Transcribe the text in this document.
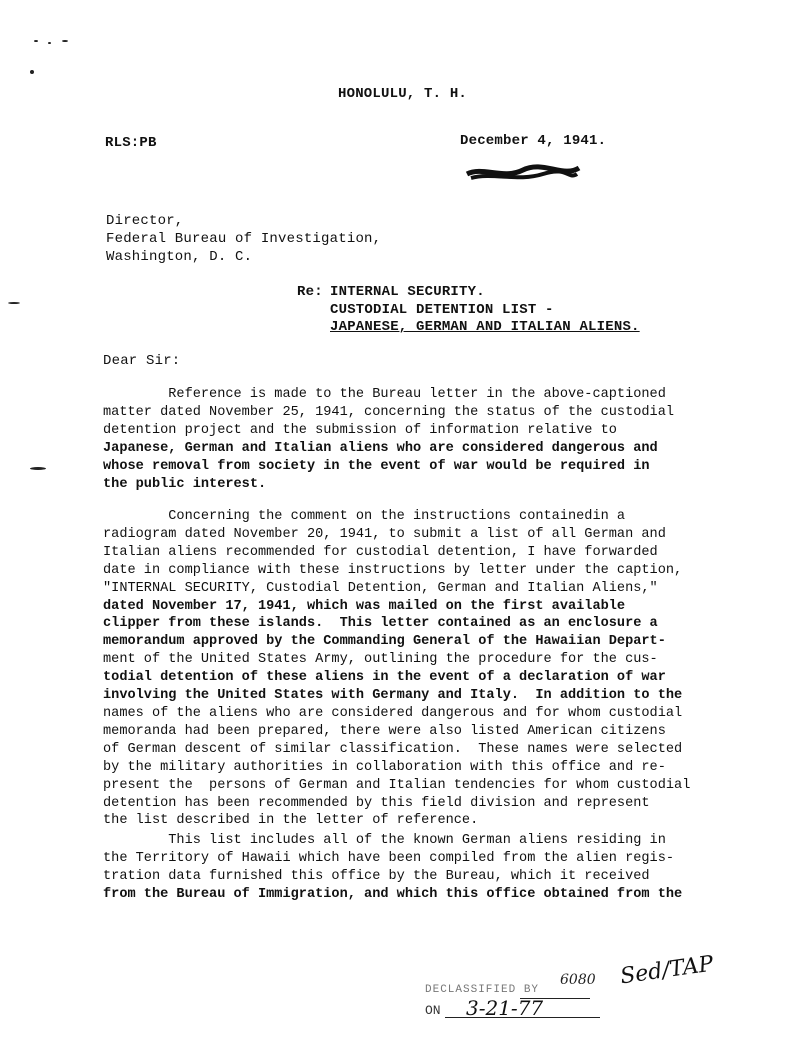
HONOLULU, T. H.
RLS:PB	December 4, 1941.
Director,
Federal Bureau of Investigation,
Washington, D. C.
Re: INTERNAL SECURITY.
CUSTODIAL DETENTION LIST -
JAPANESE, GERMAN AND ITALIAN ALIENS.
Dear Sir:
Reference is made to the Bureau letter in the above-captioned
matter dated November 25, 1941, concerning the status of the custodial
detention project and the submission of information relative to
Japanese, German and Italian aliens who are considered dangerous and
whose removal from society in the event of war would be required in
the public interest.
Concerning the comment on the instructions containedin a
radiogram dated November 20, 1941, to submit a list of all German and
Italian aliens recommended for custodial detention, I have forwarded
date in compliance with these instructions by letter under the caption,
"INTERNAL SECURITY, Custodial Detention, German and Italian Aliens,"
dated November 17, 1941, which was mailed on the first available
clipper from these islands.  This letter contained as an enclosure a
memorandum approved by the Commanding General of the Hawaiian Depart-
ment of the United States Army, outlining the procedure for the cus-
todial detention of these aliens in the event of a declaration of war
involving the United States with Germany and Italy.  In addition to the
names of the aliens who are considered dangerous and for whom custodial
memoranda had been prepared, there were also listed American citizens
of German descent of similar classification.  These names were selected
by the military authorities in collaboration with this office and re-
present the  persons of German and Italian tendencies for whom custodial
detention has been recommended by this field division and represent
the list described in the letter of reference.
This list includes all of the known German aliens residing in
the Territory of Hawaii which have been compiled from the alien regis-
tration data furnished this office by the Bureau, which it received
from the Bureau of Immigration, and which this office obtained from the
DECLASSIFIED BY
6080 Sed/TAP
ON 3-21-77
